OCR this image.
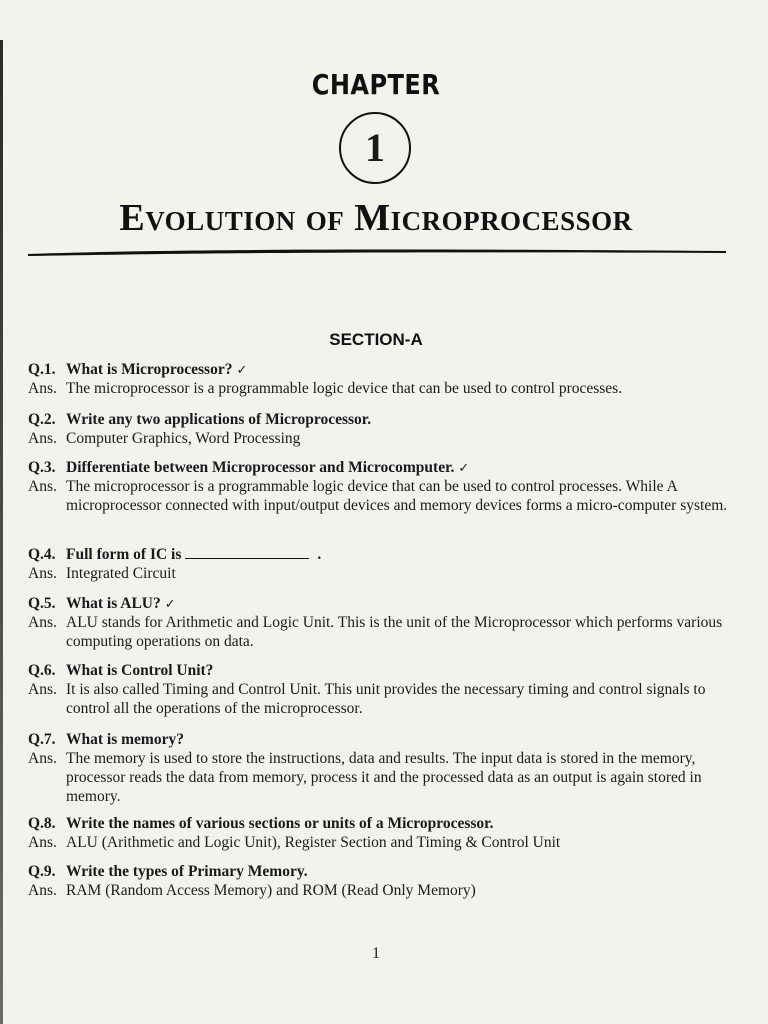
CHAPTER
1
Evolution of Microprocessor
SECTION-A
Q.1. What is Microprocessor? ✓
Ans. The microprocessor is a programmable logic device that can be used to control processes.
Q.2. Write any two applications of Microprocessor.
Ans. Computer Graphics, Word Processing
Q.3. Differentiate between Microprocessor and Microcomputer. ✓
Ans. The microprocessor is a programmable logic device that can be used to control processes. While A microprocessor connected with input/output devices and memory devices forms a micro-computer system.
Q.4. Full form of IC is	.
Ans. Integrated Circuit
Q.5. What is ALU? ✓
Ans. ALU stands for Arithmetic and Logic Unit. This is the unit of the Microprocessor which performs various computing operations on data.
Q.6. What is Control Unit?
Ans. It is also called Timing and Control Unit. This unit provides the necessary timing and control signals to control all the operations of the microprocessor.
Q.7. What is memory?
Ans. The memory is used to store the instructions, data and results. The input data is stored in the memory, processor reads the data from memory, process it and the processed data as an output is again stored in memory.
Q.8. Write the names of various sections or units of a Microprocessor.
Ans. ALU (Arithmetic and Logic Unit), Register Section and Timing & Control Unit
Q.9. Write the types of Primary Memory.
Ans. RAM (Random Access Memory) and ROM (Read Only Memory)
1
